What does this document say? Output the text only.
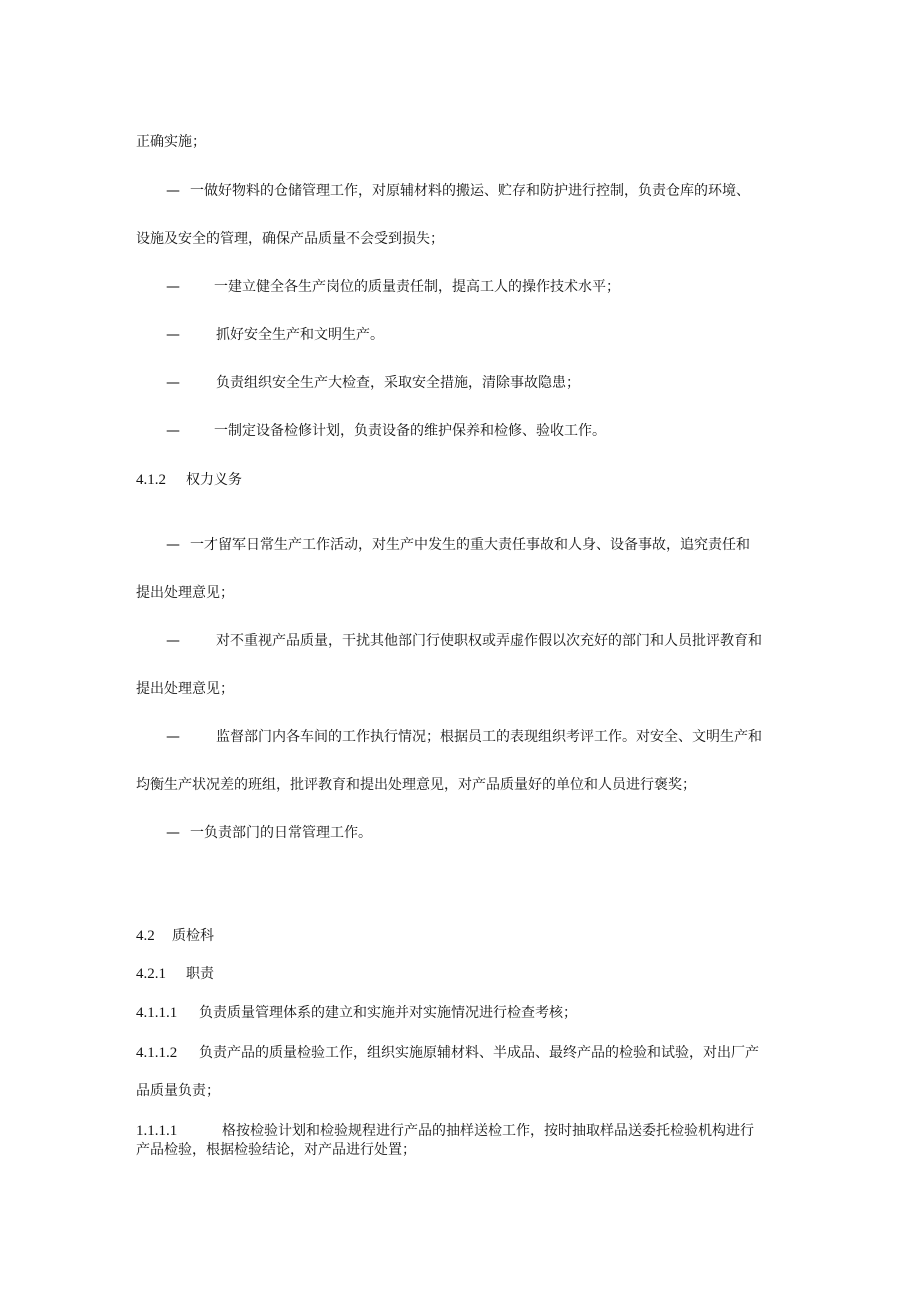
正确实施；
— 一做好物料的仓储管理工作，对原辅材料的搬运、贮存和防护进行控制，负责仓库的环境、
设施及安全的管理，确保产品质量不会受到损失；
— 一建立健全各生产岗位的质量责任制，提高工人的操作技术水平；
—	抓好安全生产和文明生产。
—	负责组织安全生产大检查，采取安全措施，清除事故隐患；
— 一制定设备检修计划，负责设备的维护保养和检修、验收工作。
4.1.2 权力义务
— 一才留军日常生产工作活动，对生产中发生的重大责任事故和人身、设备事故，追究责任和
提出处理意见；
—	对不重视产品质量，干扰其他部门行使职权或弄虚作假以次充好的部门和人员批评教育和
提出处理意见；
—	监督部门内各车间的工作执行情况；根据员工的表现组织考评工作。对安全、文明生产和
均衡生产状况差的班组，批评教育和提出处理意见，对产品质量好的单位和人员进行褒奖；
— 一负责部门的日常管理工作。
4.2 质检科
4.2.1 职责
4.1.1.1 负责质量管理体系的建立和实施并对实施情况进行检查考核；
4.1.1.2 负责产品的质量检验工作，组织实施原辅材料、半成品、最终产品的检验和试验，对出厂产
品质量负责；
1.1.1.1	格按检验计划和检验规程进行产品的抽样送检工作，按时抽取样品送委托检验机构进行
产品检验，根据检验结论，对产品进行处置；
